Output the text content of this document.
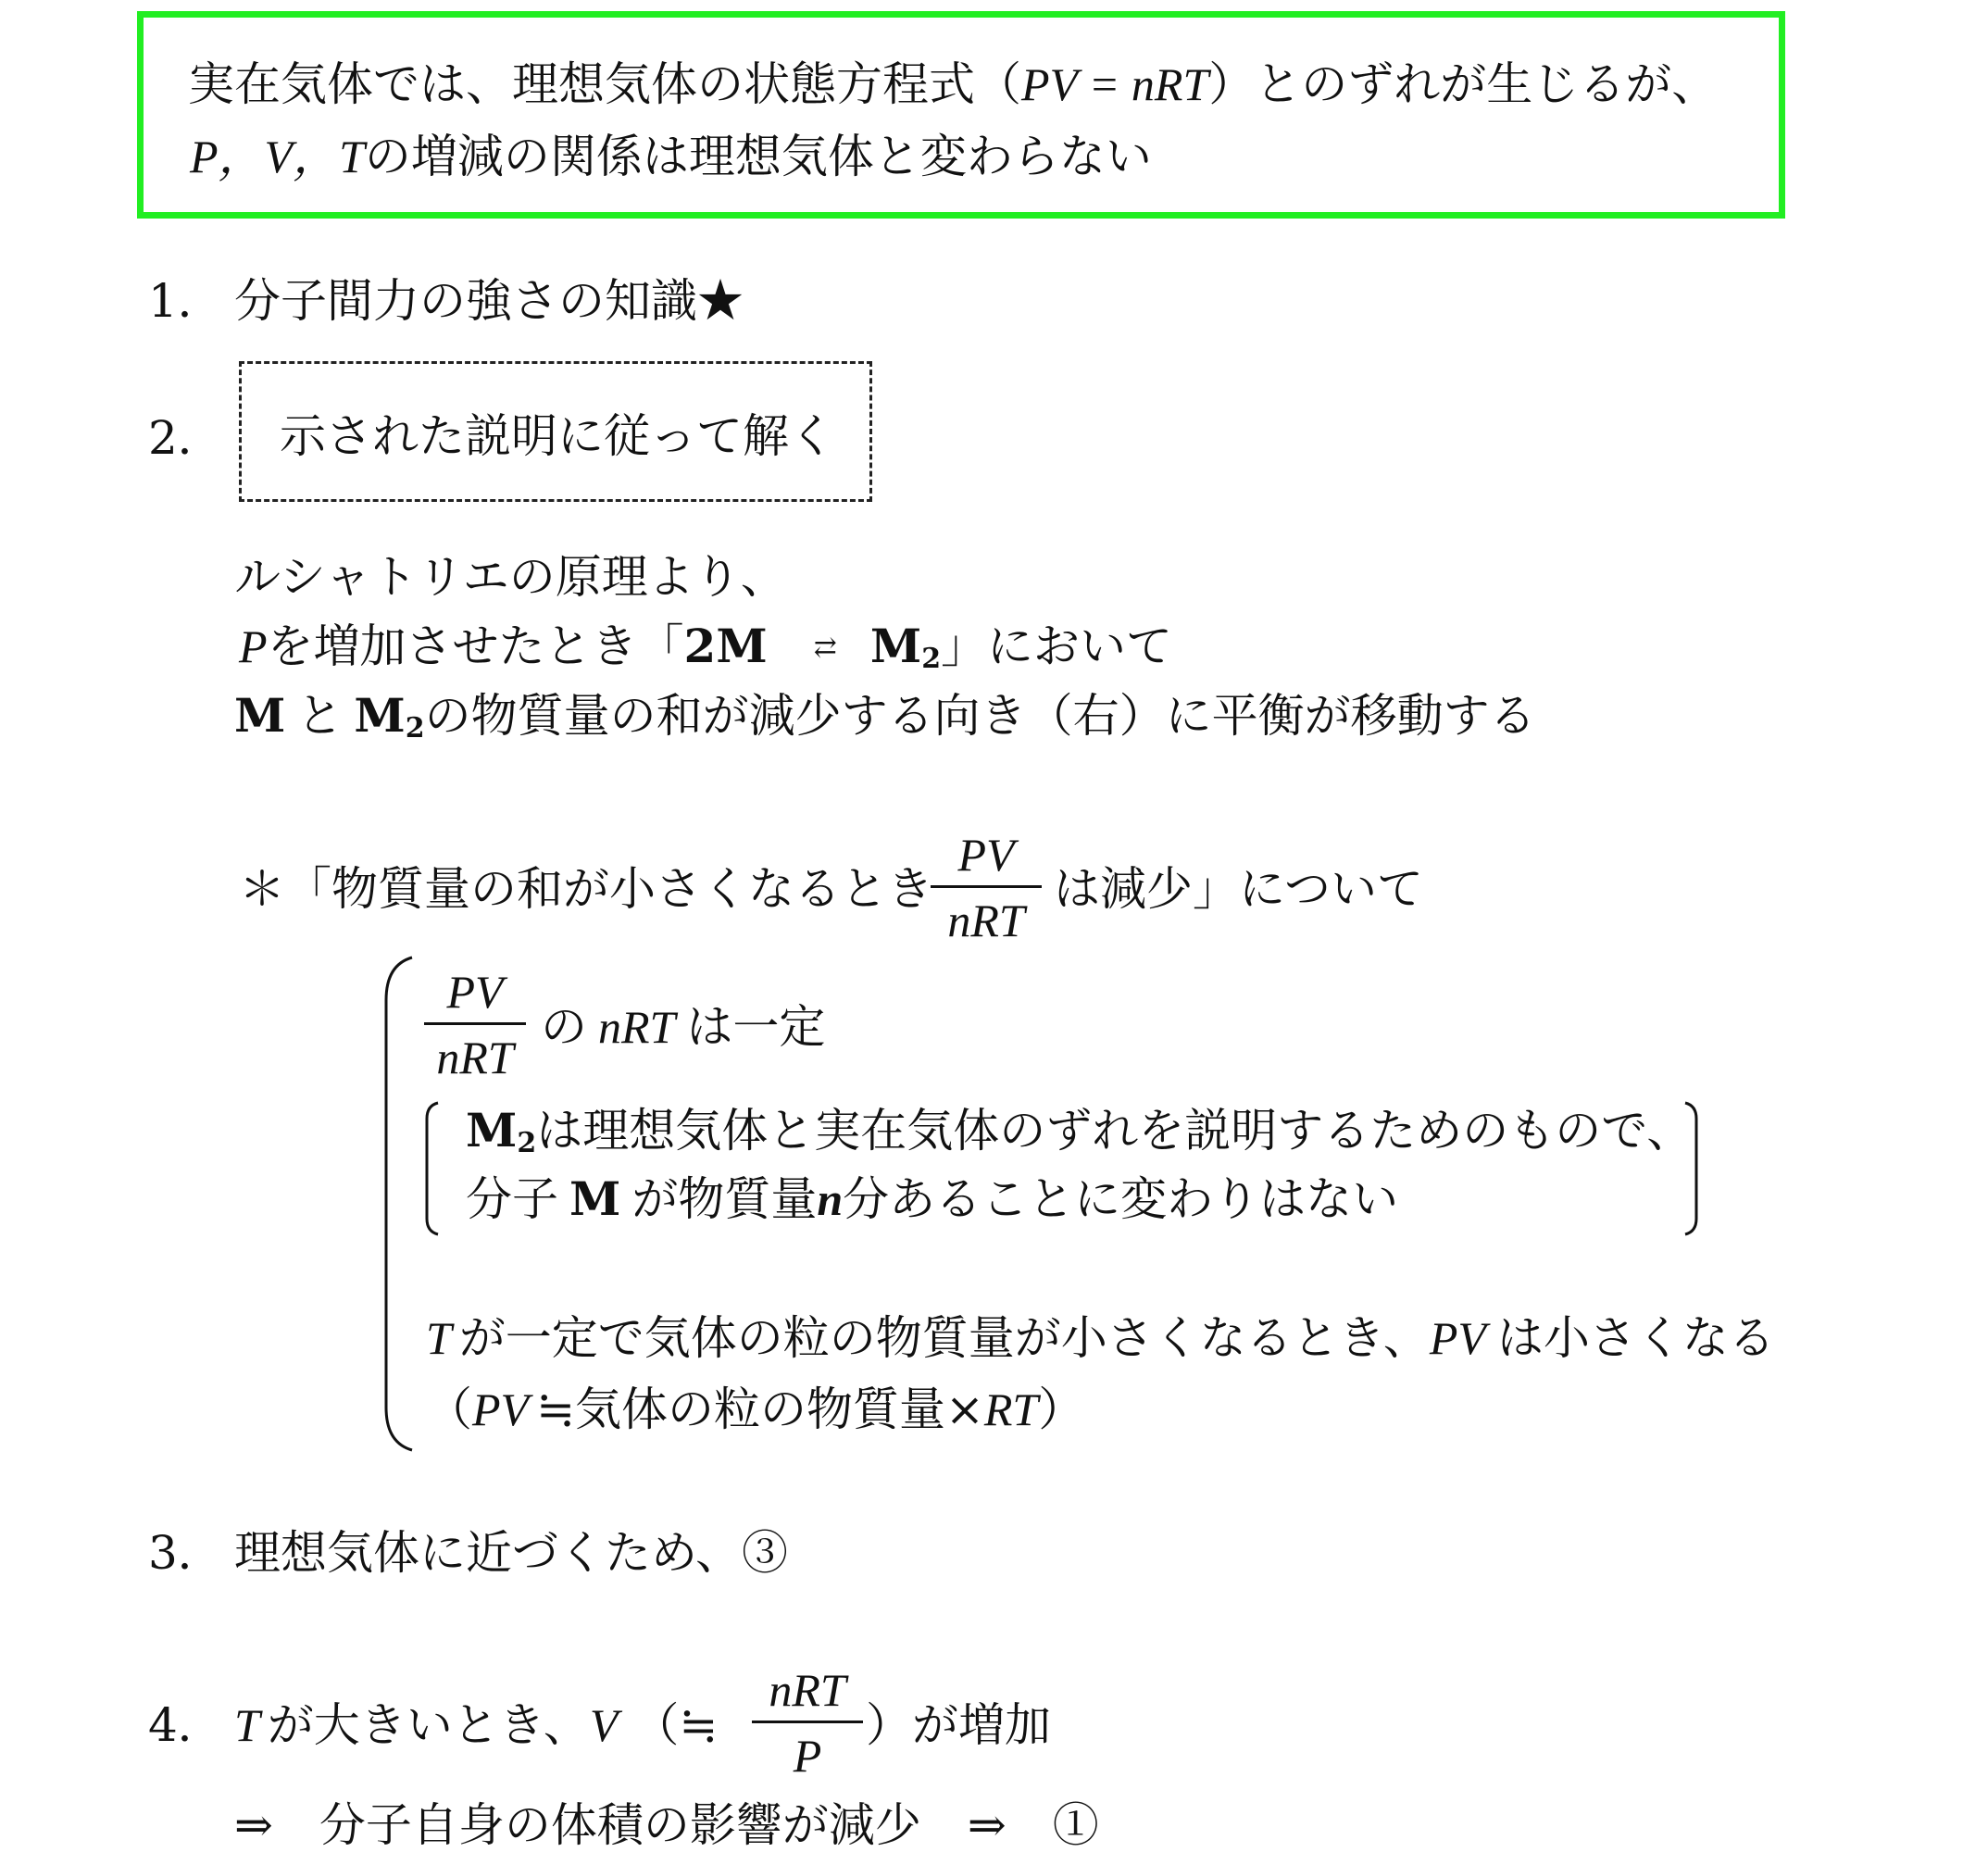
実在気体では、理想気体の状態方程式（PV = nRT）とのずれが生じるが、
P，V，Tの増減の関係は理想気体と変わらない
1． 分子間力の強さの知識★
2． 示された説明に従って解く
ルシャトリエの原理より、
Pを増加させたとき「2M ⇄ $M_2$」において
M と $M_2$の物質量の和が減少する向き（右）に平衡が移動する
＊「物質量の和が小さくなるとき
PV
nRT
は減少」について
PV
nRT
の nRT は一定
$M_2$は理想気体と実在気体のずれを説明するためのもので、
分子 M が物質量n分あることに変わりはない
T が一定で気体の粒の物質量が小さくなるとき、PV は小さくなる
（PV ≒気体の粒の物質量×RT）
3． 理想気体に近づくため、③
4． T が大きいとき、V （≒
nRT
P
）が増加
⇒　分子自身の体積の影響が減少　⇒　①
